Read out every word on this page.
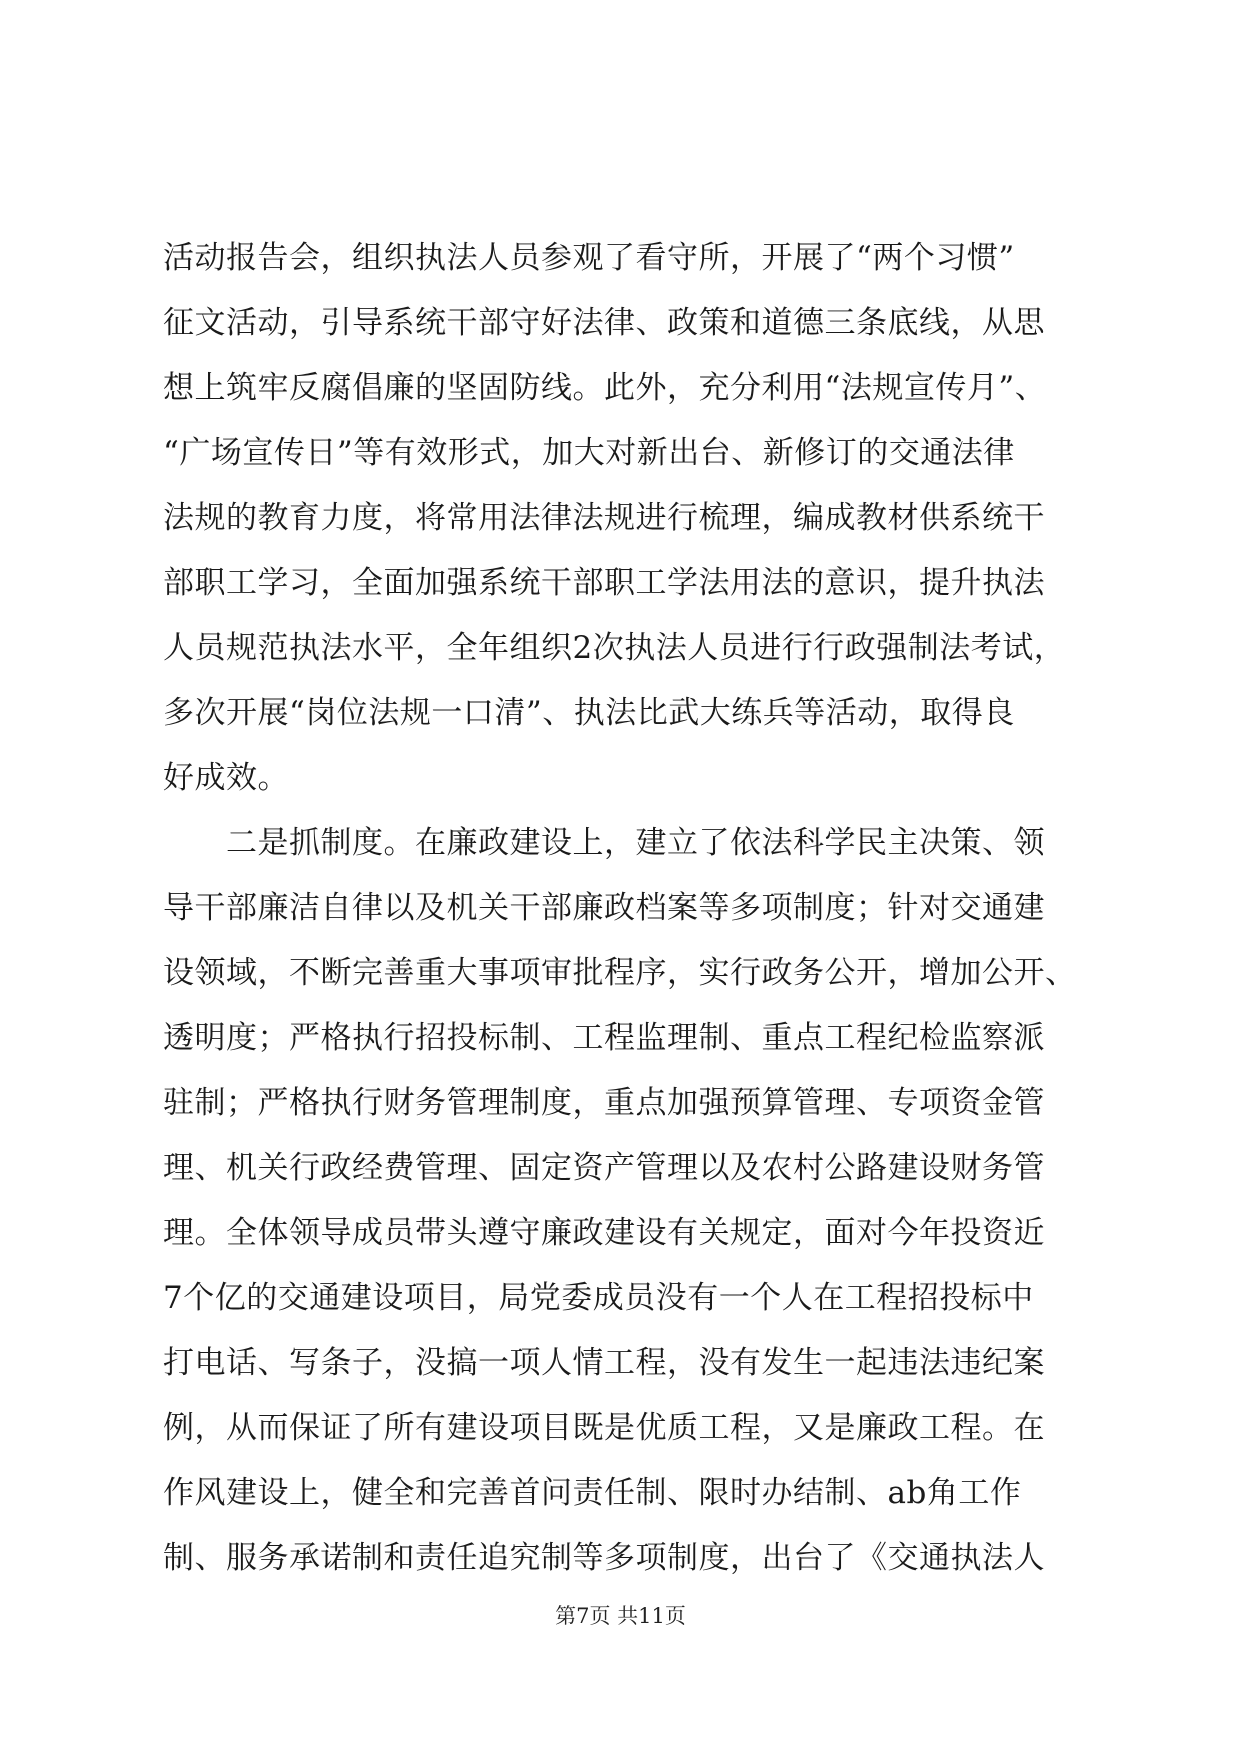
活动报告会，组织执法人员参观了看守所，开展了“两个习惯”
征文活动，引导系统干部守好法律、政策和道德三条底线，从思
想上筑牢反腐倡廉的坚固防线。此外，充分利用“法规宣传月”、
“广场宣传日”等有效形式，加大对新出台、新修订的交通法律
法规的教育力度，将常用法律法规进行梳理，编成教材供系统干
部职工学习，全面加强系统干部职工学法用法的意识，提升执法
人员规范执法水平，全年组织2次执法人员进行行政强制法考试，
多次开展“岗位法规一口清”、执法比武大练兵等活动，取得良
好成效。
二是抓制度。在廉政建设上，建立了依法科学民主决策、领
导干部廉洁自律以及机关干部廉政档案等多项制度；针对交通建
设领域，不断完善重大事项审批程序，实行政务公开，增加公开、
透明度；严格执行招投标制、工程监理制、重点工程纪检监察派
驻制；严格执行财务管理制度，重点加强预算管理、专项资金管
理、机关行政经费管理、固定资产管理以及农村公路建设财务管
理。全体领导成员带头遵守廉政建设有关规定，面对今年投资近
7个亿的交通建设项目，局党委成员没有一个人在工程招投标中
打电话、写条子，没搞一项人情工程，没有发生一起违法违纪案
例，从而保证了所有建设项目既是优质工程，又是廉政工程。在
作风建设上，健全和完善首问责任制、限时办结制、ab角工作
制、服务承诺制和责任追究制等多项制度，出台了《交通执法人
第7页 共11页
